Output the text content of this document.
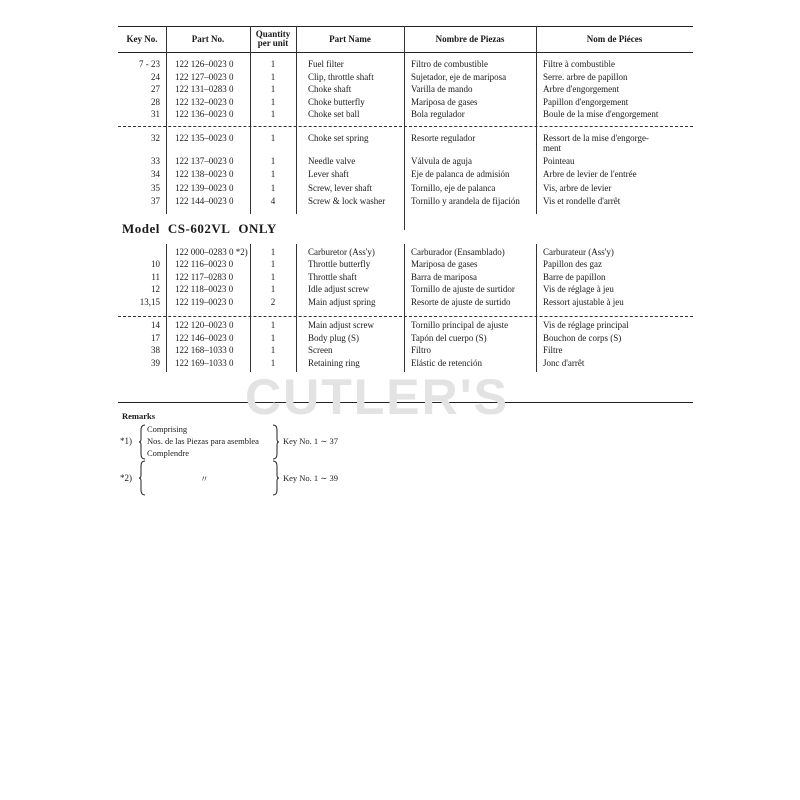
Key No.	Part No.	Quantity
per unit	Part Name	Nombre de Piezas	Nom de Piéces
7 - 23 122 126–0023 0	1	Fuel filter	Filtro de combustible	Filtre à combustible
24 122 127–0023 0	1	Clip, throttle shaft	Sujetador, eje de mariposa	Serre. arbre de papillon
27 122 131–0283 0	1	Choke shaft	Varilla de mando	Arbre d'engorgement
28 122 132–0023 0	1	Choke butterfly	Mariposa de gases	Papillon d'engorgement
31 122 136–0023 0	1	Choke set ball	Bola regulador	Boule de la mise d'engorgement
32 122 135–0023 0	1	Choke set spring	Resorte regulador	Ressort de la mise d'engorge-
ment
33 122 137–0023 0	1	Needle valve	Válvula de aguja	Pointeau
34 122 138–0023 0	1	Lever shaft	Eje de palanca de admisión	Arbre de levier de l'entrée
35 122 139–0023 0	1	Screw, lever shaft	Tornillo, eje de palanca	Vis, arbre de levier
37 122 144–0023 0	4	Screw & lock washer	Tornillo y arandela de fijación	Vis et rondelle d'arrêt
Model CS-602VL ONLY
122 000–0283 0 *2)	1	Carburetor (Ass'y)	Carburador (Ensamblado)	Carburateur (Ass'y)
10 122 116–0023 0	1	Throttle butterfly	Mariposa de gases	Papillon des gaz
11 122 117–0283 0	1	Throttle shaft	Barra de mariposa	Barre de papillon
12 122 118–0023 0	1	Idle adjust screw	Tornillo de ajuste de surtidor	Vis de réglage à jeu
13,15 122 119–0023 0	2	Main adjust spring	Resorte de ajuste de surtido	Ressort ajustable à jeu
14 122 120–0023 0	1	Main adjust screw	Tornillo principal de ajuste	Vis de réglage principal
17 122 146–0023 0	1	Body plug (S)	Tapón del cuerpo (S)	Bouchon de corps (S)
38 122 168–1033 0	1	Screen	Filtro	Filtre
39 122 169–1033 0	1	Retaining ring	Elástic de retención	Jonc d'arrêt
CUTLER'S
Remarks
*1)
Comprising
Nos. de las Piezas para asemblea
Complendre
Key No. 1 ∼ 37
*2)	〃	Key No. 1 ∼ 39
